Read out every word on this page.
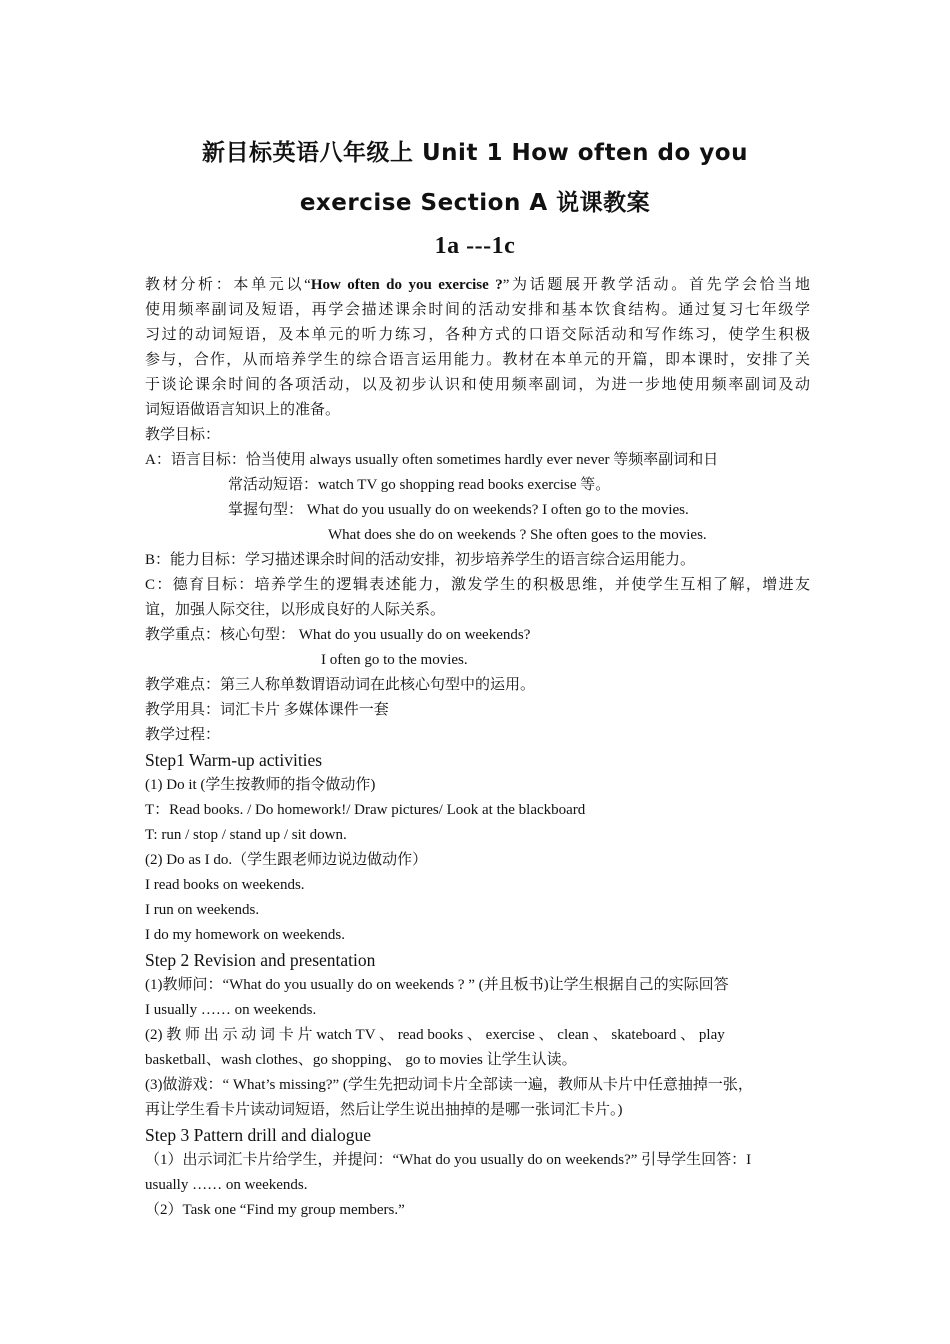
新目标英语八年级上 Unit 1 How often do you
exercise Section A 说课教案
1a ---1c
教材分析：本单元以“How often do you exercise ?”为话题展开教学活动。首先学会恰当地
使用频率副词及短语，再学会描述课余时间的活动安排和基本饮食结构。通过复习七年级学
习过的动词短语，及本单元的听力练习，各种方式的口语交际活动和写作练习，使学生积极
参与，合作，从而培养学生的综合语言运用能力。教材在本单元的开篇，即本课时，安排了关
于谈论课余时间的各项活动，以及初步认识和使用频率副词，为进一步地使用频率副词及动
词短语做语言知识上的准备。
教学目标：
A：语言目标：恰当使用 always usually often sometimes hardly ever never 等频率副词和日
常活动短语：watch TV go shopping read books exercise 等。
掌握句型： What do you usually do on weekends? I often go to the movies.
What does she do on weekends ? She often goes to the movies.
B：能力目标：学习描述课余时间的活动安排，初步培养学生的语言综合运用能力。
C：德育目标：培养学生的逻辑表述能力，激发学生的积极思维，并使学生互相了解，增进友
谊，加强人际交往，以形成良好的人际关系。
教学重点：核心句型： What do you usually do on weekends?
I often go to the movies.
教学难点：第三人称单数谓语动词在此核心句型中的运用。
教学用具：词汇卡片 多媒体课件一套
教学过程：
Step1 Warm-up activities
(1) Do it (学生按教师的指令做动作)
T：Read books. / Do homework!/ Draw pictures/ Look at the blackboard
T: run / stop / stand up / sit down.
(2) Do as I do.（学生跟老师边说边做动作）
I read books on weekends.
I run on weekends.
I do my homework on weekends.
Step 2 Revision and presentation
(1)教师问：“What do you usually do on weekends ? ” (并且板书)让学生根据自己的实际回答
I usually …… on weekends.
(2) 教 师 出 示 动 词 卡 片 watch TV 、 read books 、 exercise 、 clean 、 skateboard 、 play
basketball、wash clothes、go shopping、 go to movies 让学生认读。
(3)做游戏：“ What’s missing?” (学生先把动词卡片全部读一遍，教师从卡片中任意抽掉一张，
再让学生看卡片读动词短语，然后让学生说出抽掉的是哪一张词汇卡片。)
Step 3 Pattern drill and dialogue
（1）出示词汇卡片给学生，并提问：“What do you usually do on weekends?” 引导学生回答：I
usually …… on weekends.
（2）Task one “Find my group members.”
